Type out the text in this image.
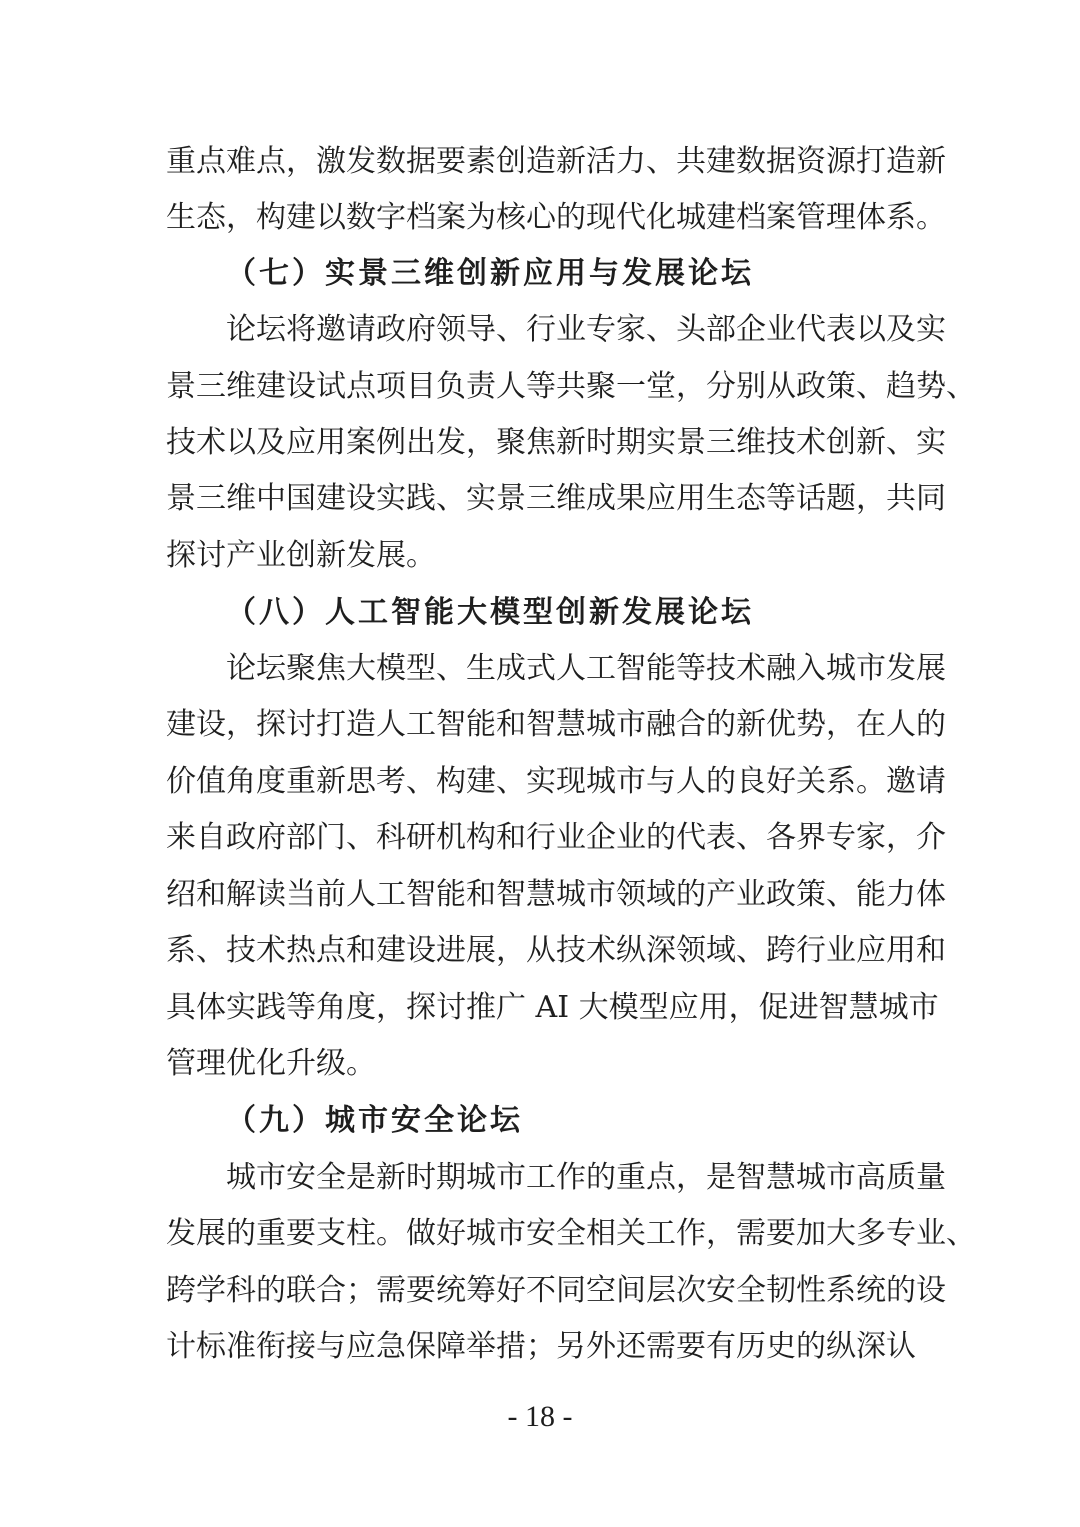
重点难点，激发数据要素创造新活力、共建数据资源打造新
生态，构建以数字档案为核心的现代化城建档案管理体系。
（七）实景三维创新应用与发展论坛
论坛将邀请政府领导、行业专家、头部企业代表以及实
景三维建设试点项目负责人等共聚一堂，分别从政策、趋势、
技术以及应用案例出发，聚焦新时期实景三维技术创新、实
景三维中国建设实践、实景三维成果应用生态等话题，共同
探讨产业创新发展。
（八）人工智能大模型创新发展论坛
论坛聚焦大模型、生成式人工智能等技术融入城市发展
建设，探讨打造人工智能和智慧城市融合的新优势，在人的
价值角度重新思考、构建、实现城市与人的良好关系。邀请
来自政府部门、科研机构和行业企业的代表、各界专家，介
绍和解读当前人工智能和智慧城市领域的产业政策、能力体
系、技术热点和建设进展，从技术纵深领域、跨行业应用和
具体实践等角度，探讨推广 AI 大模型应用，促进智慧城市
管理优化升级。
（九）城市安全论坛
城市安全是新时期城市工作的重点，是智慧城市高质量
发展的重要支柱。做好城市安全相关工作，需要加大多专业、
跨学科的联合；需要统筹好不同空间层次安全韧性系统的设
计标准衔接与应急保障举措；另外还需要有历史的纵深认
- 18 -
